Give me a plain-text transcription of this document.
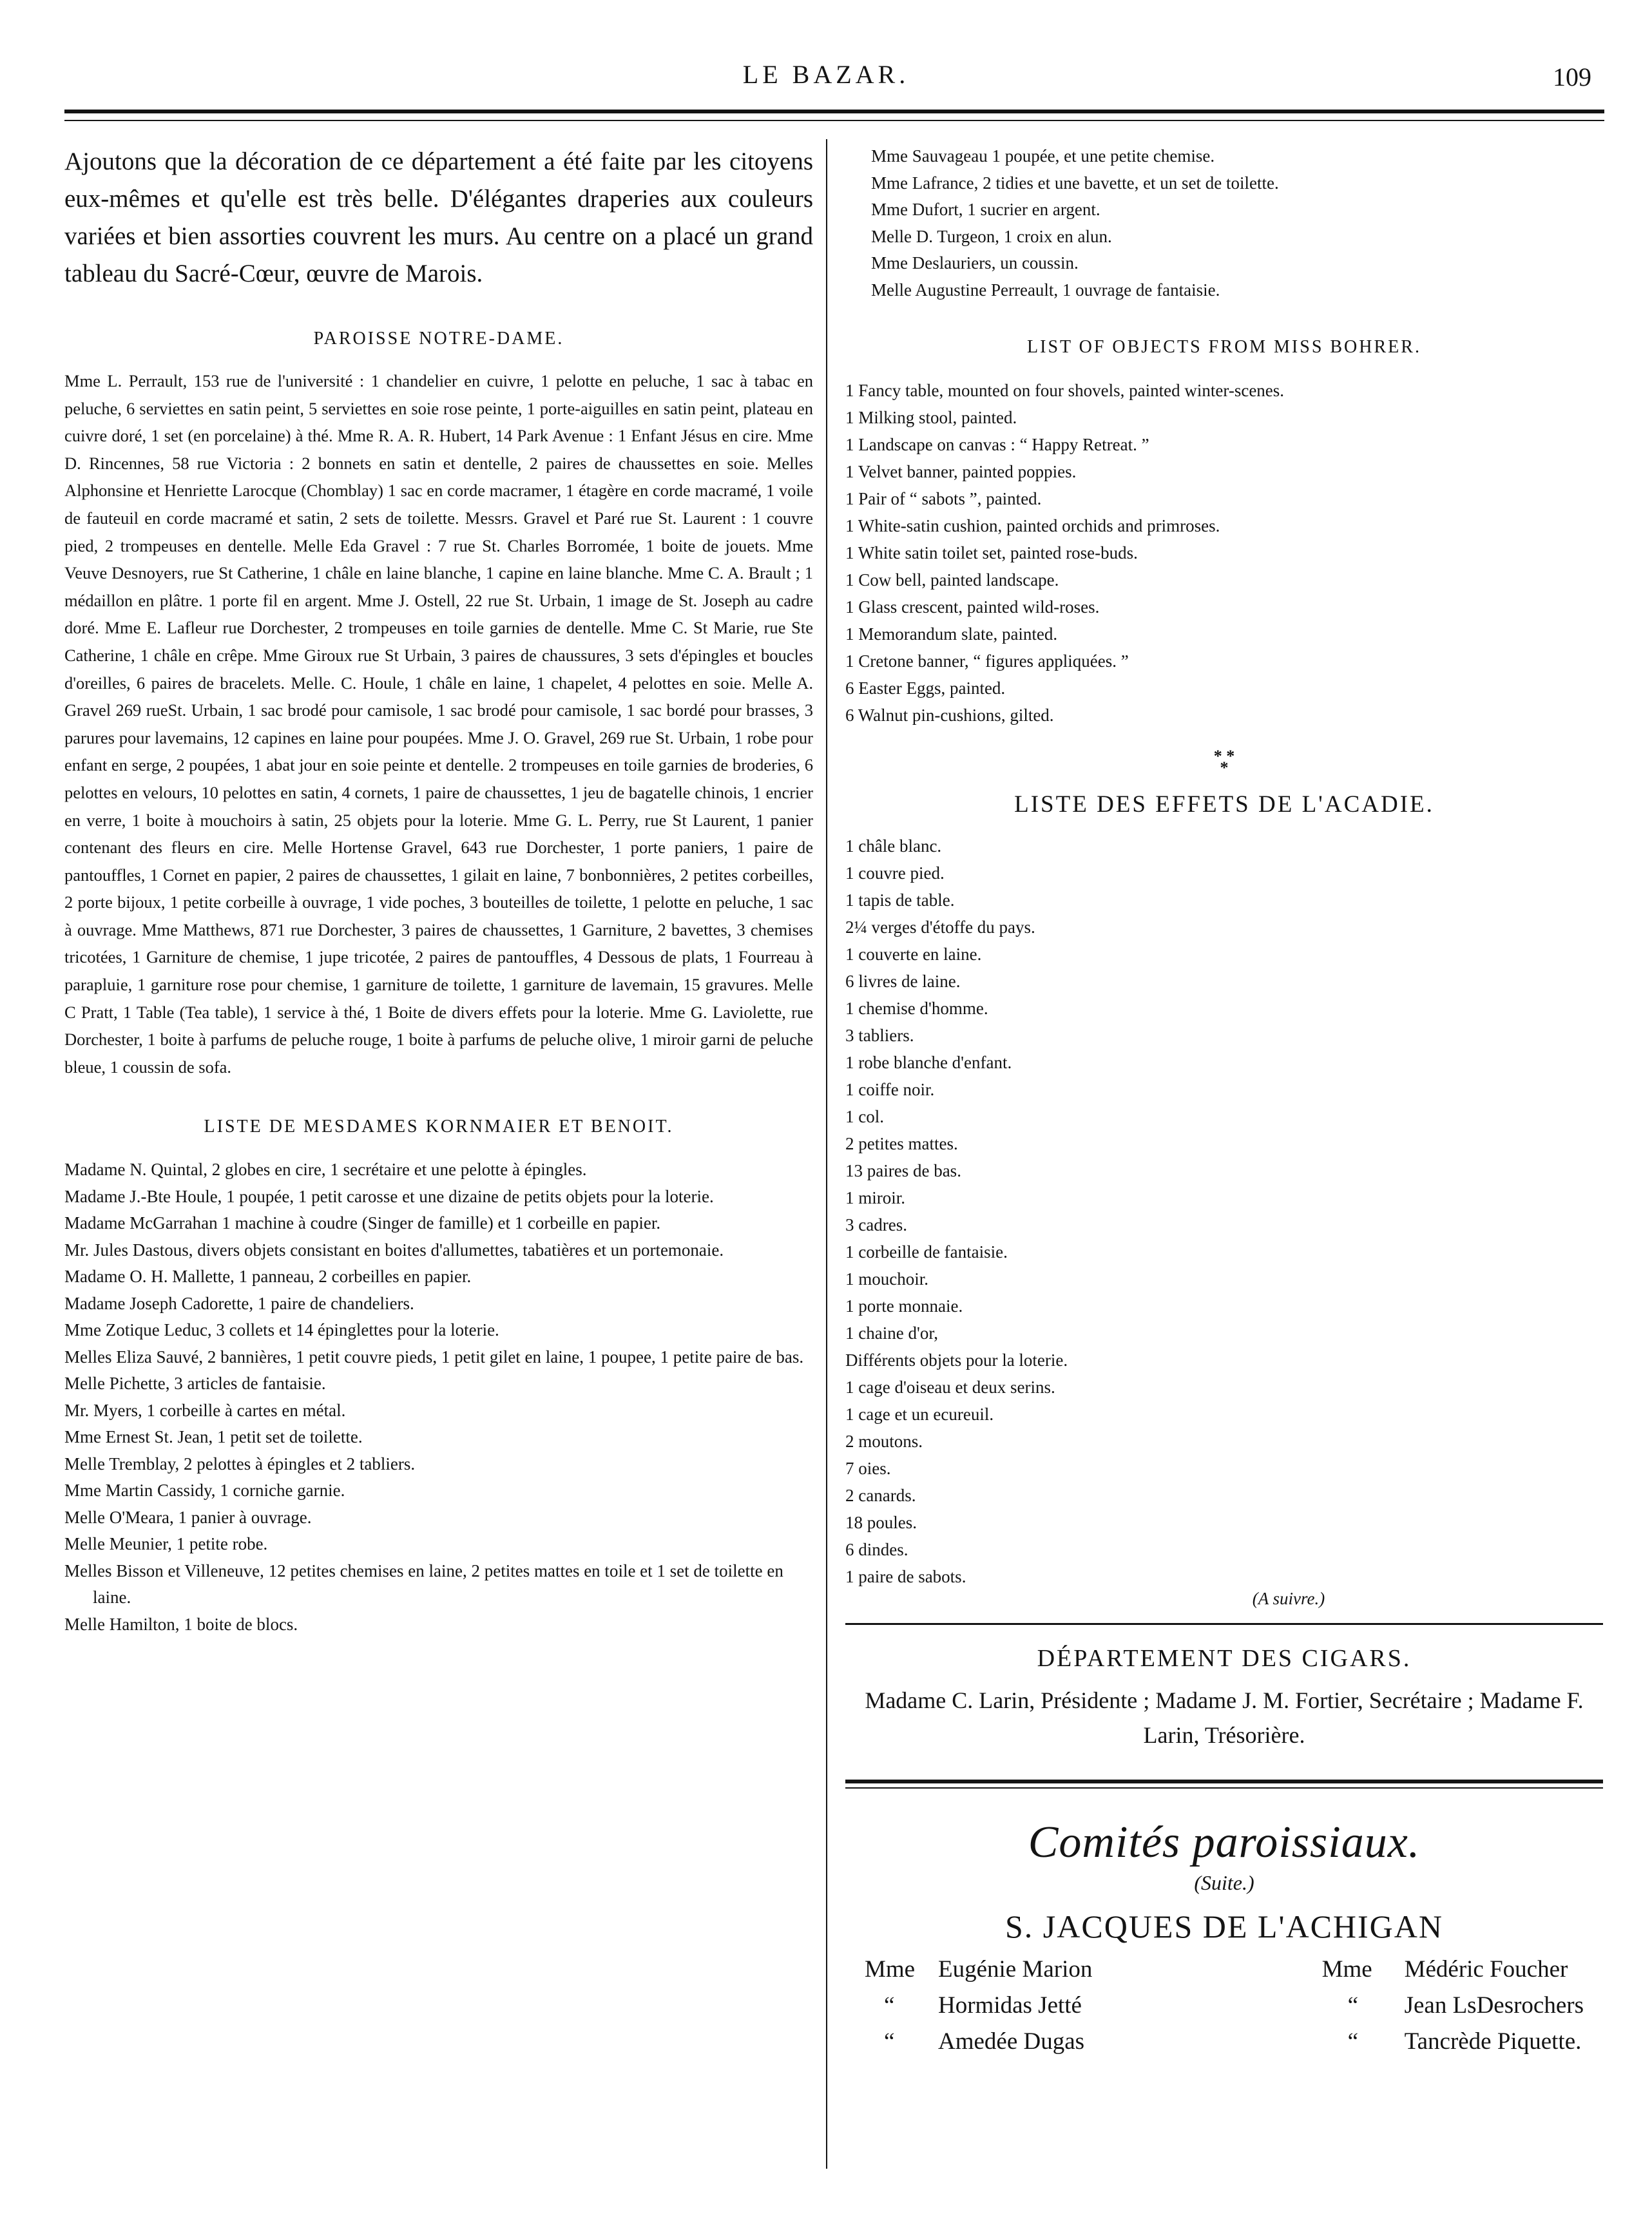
LE BAZAR.	109

Ajoutons que la décoration de ce département a été faite par les citoyens eux-mêmes et qu'elle est très belle. D'élégantes draperies aux couleurs variées et bien assorties couvrent les murs. Au centre on a placé un grand tableau du Sacré-Cœur, œuvre de Marois.

PAROISSE NOTRE-DAME.

Mme L. Perrault, 153 rue de l'université : 1 chandelier en cuivre, 1 pelotte en peluche, 1 sac à tabac en peluche, 6 serviettes en satin peint, 5 serviettes en soie rose peinte, 1 porte-aiguilles en satin peint, plateau en cuivre doré, 1 set (en porcelaine) à thé. Mme R. A. R. Hubert, 14 Park Avenue : 1 Enfant Jésus en cire. Mme D. Rincennes, 58 rue Victoria : 2 bonnets en satin et dentelle, 2 paires de chaussettes en soie. Melles Alphonsine et Henriette Larocque (Chomblay) 1 sac en corde macramer, 1 étagère en corde macramé, 1 voile de fauteuil en corde macramé et satin, 2 sets de toilette. Messrs. Gravel et Paré rue St. Laurent : 1 couvre pied, 2 trompeuses en dentelle. Melle Eda Gravel : 7 rue St. Charles Borromée, 1 boite de jouets. Mme Veuve Desnoyers, rue St Catherine, 1 châle en laine blanche, 1 capine en laine blanche. Mme C. A. Brault ; 1 médaillon en plâtre. 1 porte fil en argent. Mme J. Ostell, 22 rue St. Urbain, 1 image de St. Joseph au cadre doré. Mme E. Lafleur rue Dorchester, 2 trompeuses en toile garnies de dentelle. Mme C. St Marie, rue Ste Catherine, 1 châle en crêpe. Mme Giroux rue St Urbain, 3 paires de chaussures, 3 sets d'épingles et boucles d'oreilles, 6 paires de bracelets. Melle. C. Houle, 1 châle en laine, 1 chapelet, 4 pelottes en soie. Melle A. Gravel 269 rueSt. Urbain, 1 sac brodé pour camisole, 1 sac brodé pour camisole, 1 sac bordé pour brasses, 3 parures pour lavemains, 12 capines en laine pour poupées. Mme J. O. Gravel, 269 rue St. Urbain, 1 robe pour enfant en serge, 2 poupées, 1 abat jour en soie peinte et dentelle. 2 trompeuses en toile garnies de broderies, 6 pelottes en velours, 10 pelottes en satin, 4 cornets, 1 paire de chaussettes, 1 jeu de bagatelle chinois, 1 encrier en verre, 1 boite à mouchoirs à satin, 25 objets pour la loterie. Mme G. L. Perry, rue St Laurent, 1 panier contenant des fleurs en cire. Melle Hortense Gravel, 643 rue Dorchester, 1 porte paniers, 1 paire de pantouffles, 1 Cornet en papier, 2 paires de chaussettes, 1 gilait en laine, 7 bonbonnières, 2 petites corbeilles, 2 porte bijoux, 1 petite corbeille à ouvrage, 1 vide poches, 3 bouteilles de toilette, 1 pelotte en peluche, 1 sac à ouvrage. Mme Matthews, 871 rue Dorchester, 3 paires de chaussettes, 1 Garniture, 2 bavettes, 3 chemises tricotées, 1 Garniture de chemise, 1 jupe tricotée, 2 paires de pantouffles, 4 Dessous de plats, 1 Fourreau à parapluie, 1 garniture rose pour chemise, 1 garniture de toilette, 1 garniture de lavemain, 15 gravures. Melle C Pratt, 1 Table (Tea table), 1 service à thé, 1 Boite de divers effets pour la loterie. Mme G. Laviolette, rue Dorchester, 1 boite à parfums de peluche rouge, 1 boite à parfums de peluche olive, 1 miroir garni de peluche bleue, 1 coussin de sofa.

LISTE DE MESDAMES KORNMAIER ET BENOIT.

Madame N. Quintal, 2 globes en cire, 1 secrétaire et une pelotte à épingles.

Madame J.-Bte Houle, 1 poupée, 1 petit carosse et une dizaine de petits objets pour la loterie.

Madame McGarrahan 1 machine à coudre (Singer de famille) et 1 corbeille en papier.

Mr. Jules Dastous, divers objets consistant en boites d'allumettes, tabatières et un portemonaie.

Madame O. H. Mallette, 1 panneau, 2 corbeilles en papier.

Madame Joseph Cadorette, 1 paire de chandeliers.

Mme Zotique Leduc, 3 collets et 14 épinglettes pour la loterie.

Melles Eliza Sauvé, 2 bannières, 1 petit couvre pieds, 1 petit gilet en laine, 1 poupee, 1 petite paire de bas.

Melle Pichette, 3 articles de fantaisie.

Mr. Myers, 1 corbeille à cartes en métal.

Mme Ernest St. Jean, 1 petit set de toilette.

Melle Tremblay, 2 pelottes à épingles et 2 tabliers.

Mme Martin Cassidy, 1 corniche garnie.

Melle O'Meara, 1 panier à ouvrage.

Melle Meunier, 1 petite robe.

Melles Bisson et Villeneuve, 12 petites chemises en laine, 2 petites mattes en toile et 1 set de toilette en laine.

Melle Hamilton, 1 boite de blocs.

Mme Sauvageau 1 poupée, et une petite chemise.

Mme Lafrance, 2 tidies et une bavette, et un set de toilette.

Mme Dufort, 1 sucrier en argent.

Melle D. Turgeon, 1 croix en alun.

Mme Deslauriers, un coussin.

Melle Augustine Perreault, 1 ouvrage de fantaisie.

LIST OF OBJECTS FROM MISS BOHRER.

1 Fancy table, mounted on four shovels, painted winter-scenes.

1 Milking stool, painted.

1 Landscape on canvas : “ Happy Retreat. ”

1 Velvet banner, painted poppies.

1 Pair of “ sabots ”, painted.

1 White-satin cushion, painted orchids and primroses.

1 White satin toilet set, painted rose-buds.

1 Cow bell, painted landscape.

1 Glass crescent, painted wild-roses.

1 Memorandum slate, painted.

1 Cretone banner, “ figures appliquées. ”

6 Easter Eggs, painted.

6 Walnut pin-cushions, gilted.

* *
*

LISTE DES EFFETS DE L'ACADIE.

1 châle blanc.

1 couvre pied.

1 tapis de table.

2¼ verges d'étoffe du pays.

1 couverte en laine.

6 livres de laine.

1 chemise d'homme.

3 tabliers.

1 robe blanche d'enfant.

1 coiffe noir.

1 col.

2 petites mattes.

13 paires de bas.

1 miroir.

3 cadres.

1 corbeille de fantaisie.

1 mouchoir.

1 porte monnaie.

1 chaine d'or,

Différents objets pour la loterie.

1 cage d'oiseau et deux serins.

1 cage et un ecureuil.

2 moutons.

7 oies.

2 canards.

18 poules.

6 dindes.

1 paire de sabots.

(A suivre.)

DÉPARTEMENT DES CIGARS.

Madame C. Larin, Présidente ; Madame J. M. Fortier, Secrétaire ; Madame F. Larin, Trésorière.

Comités paroissiaux.

(Suite.)

S. JACQUES DE L'ACHIGAN

Mme Eugénie Marion
“ Hormidas Jetté
“ Amedée Dugas
Mme Médéric Foucher
“ Jean LsDesrochers
“ Tancrède Piquette.
